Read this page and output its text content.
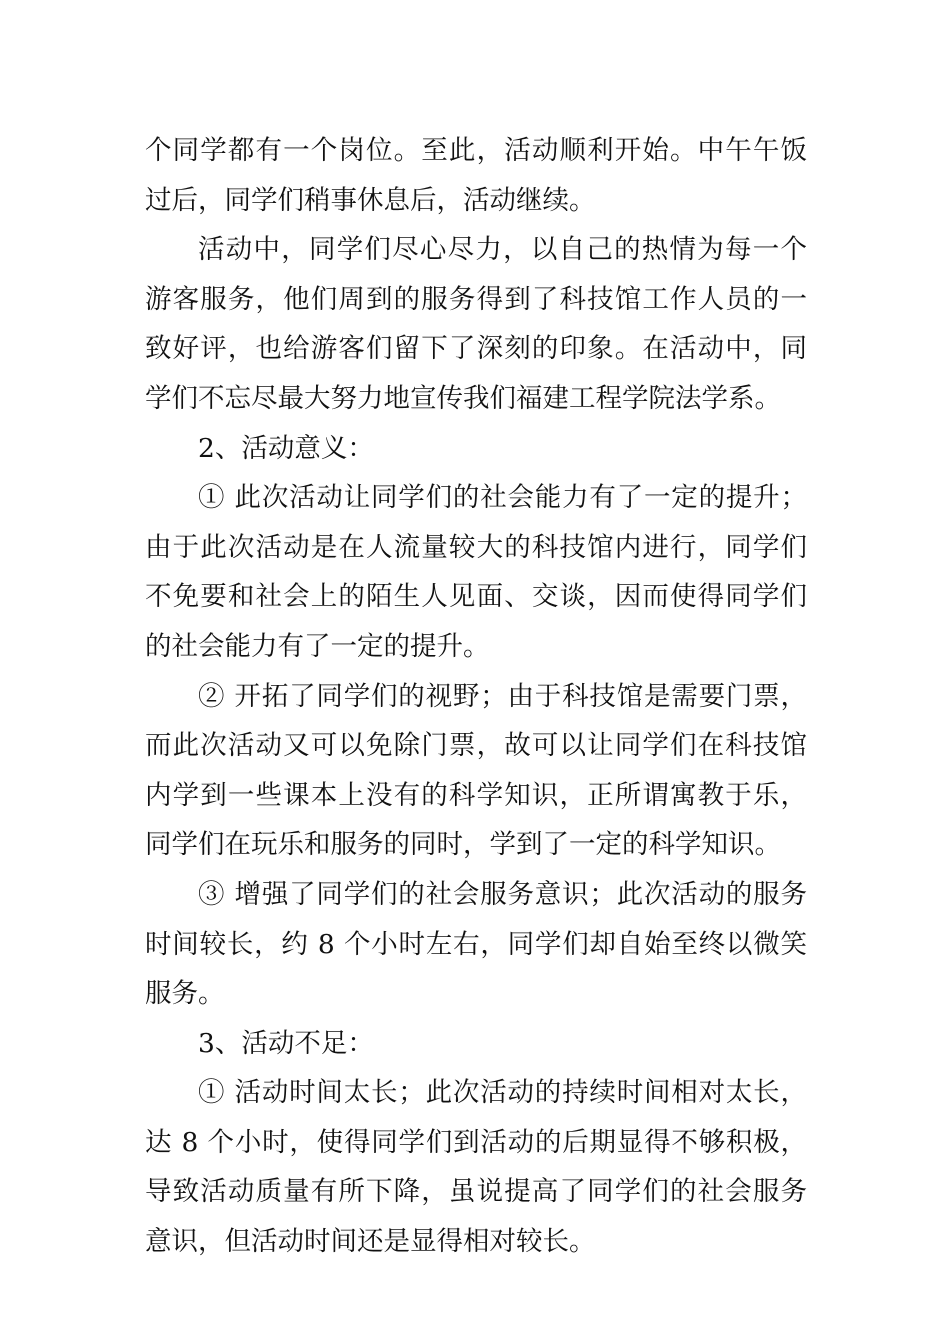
个同学都有一个岗位。至此，活动顺利开始。中午午饭过后，同学们稍事休息后，活动继续。

活动中，同学们尽心尽力，以自己的热情为每一个游客服务，他们周到的服务得到了科技馆工作人员的一致好评，也给游客们留下了深刻的印象。在活动中，同学们不忘尽最大努力地宣传我们福建工程学院法学系。

2、活动意义：

① 此次活动让同学们的社会能力有了一定的提升；由于此次活动是在人流量较大的科技馆内进行，同学们不免要和社会上的陌生人见面、交谈，因而使得同学们的社会能力有了一定的提升。

② 开拓了同学们的视野；由于科技馆是需要门票，而此次活动又可以免除门票，故可以让同学们在科技馆内学到一些课本上没有的科学知识，正所谓寓教于乐，同学们在玩乐和服务的同时，学到了一定的科学知识。

③ 增强了同学们的社会服务意识；此次活动的服务时间较长，约 8 个小时左右，同学们却自始至终以微笑服务。

3、活动不足：

① 活动时间太长；此次活动的持续时间相对太长，达 8 个小时，使得同学们到活动的后期显得不够积极，导致活动质量有所下降，虽说提高了同学们的社会服务意识，但活动时间还是显得相对较长。
